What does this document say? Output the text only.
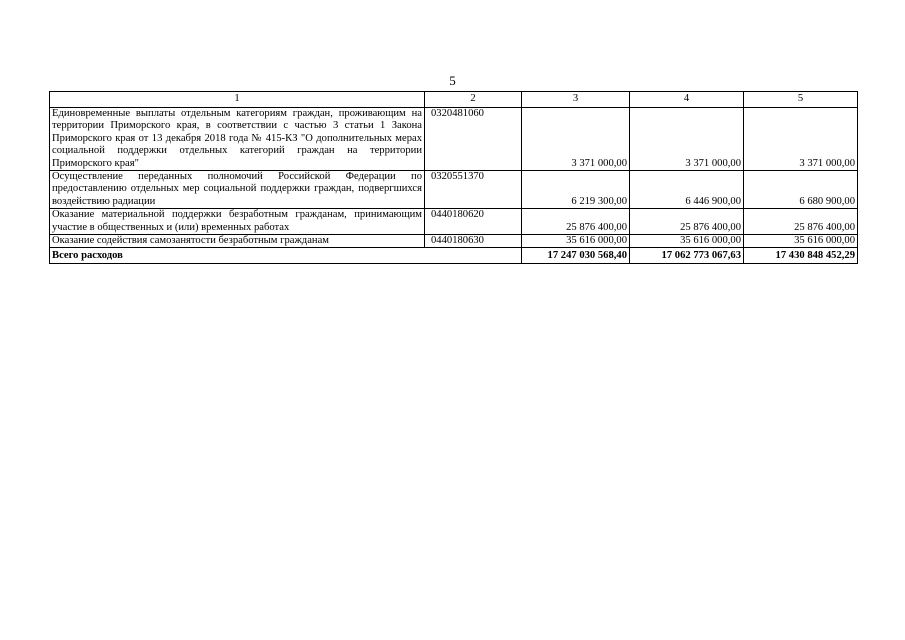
5
1	2	3	4	5
Единовременные выплаты отдельным категориям граждан, проживающим на территории Приморского края, в соответствии с частью 3 статьи 1 Закона Приморского края от 13 декабря 2018 года № 415-КЗ "О дополнительных мерах социальной поддержки отдельных категорий граждан на территории Приморского края"	0320481060	3 371 000,00	3 371 000,00	3 371 000,00
Осуществление переданных полномочий Российской Федерации по предоставлению отдельных мер социальной поддержки граждан, подвергшихся воздействию радиации	0320551370	6 219 300,00	6 446 900,00	6 680 900,00
Оказание материальной поддержки безработным гражданам, принимающим участие в общественных и (или) временных работах	0440180620	25 876 400,00	25 876 400,00	25 876 400,00
Оказание содействия самозанятости безработным гражданам	0440180630	35 616 000,00	35 616 000,00	35 616 000,00
Всего расходов		17 247 030 568,40	17 062 773 067,63	17 430 848 452,29
